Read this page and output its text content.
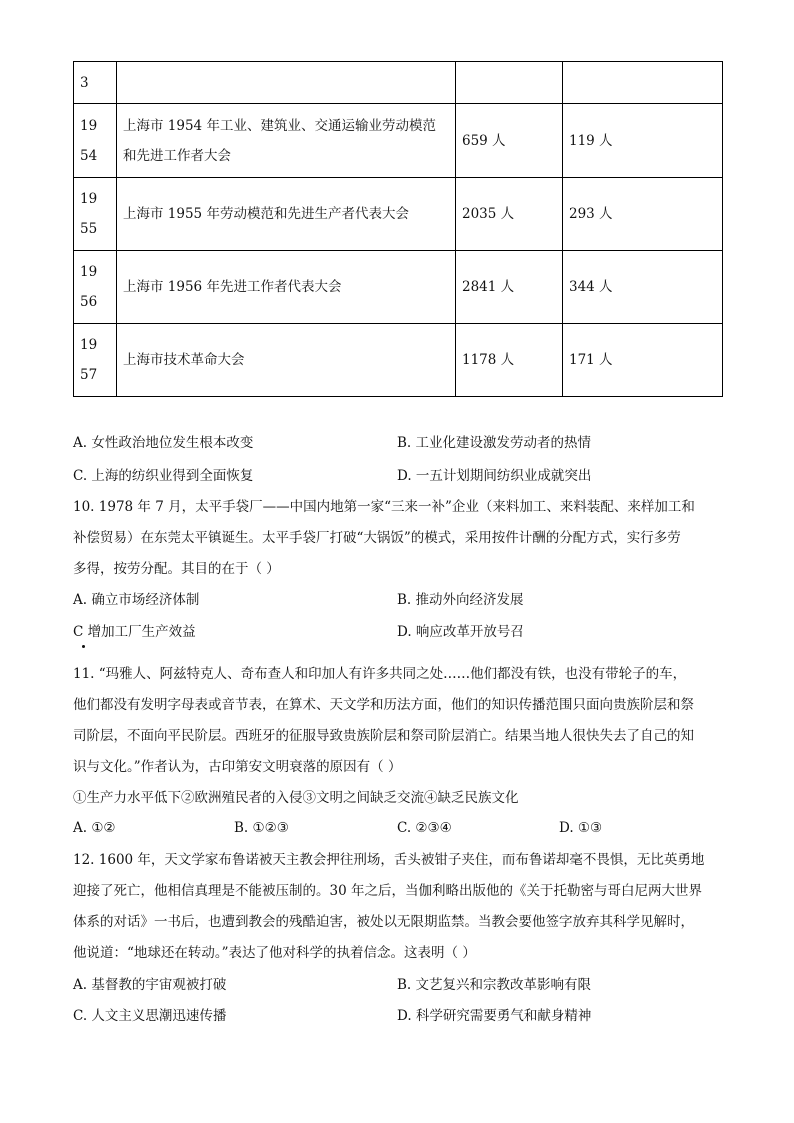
3			

1954	上海市 1954 年工业、建筑业、交通运输业劳动模范和先进工作者大会	659 人	119 人

1955	上海市 1955 年劳动模范和先进生产者代表大会	2035 人	293 人

1956	上海市 1956 年先进工作者代表大会	2841 人	344 人

1957	上海市技术革命大会	1178 人	171 人
A. 女性政治地位发生根本改变	B. 工业化建设激发劳动者的热情
C. 上海的纺织业得到全面恢复	D. 一五计划期间纺织业成就突出
10. 1978 年 7 月，太平手袋厂——中国内地第一家“三来一补”企业（来料加工、来料装配、来样加工和
补偿贸易）在东莞太平镇诞生。太平手袋厂打破“大锅饭”的模式，采用按件计酬的分配方式，实行多劳
多得，按劳分配。其目的在于（ ）
A. 确立市场经济体制	B. 推动外向经济发展
C 增加工厂生产效益	D. 响应改革开放号召
11. “玛雅人、阿兹特克人、奇布查人和印加人有许多共同之处……他们都没有铁，也没有带轮子的车，
他们都没有发明字母表或音节表，在算术、天文学和历法方面，他们的知识传播范围只面向贵族阶层和祭
司阶层，不面向平民阶层。西班牙的征服导致贵族阶层和祭司阶层消亡。结果当地人很快失去了自己的知
识与文化。”作者认为，古印第安文明衰落的原因有（ ）
①生产力水平低下②欧洲殖民者的入侵③文明之间缺乏交流④缺乏民族文化
A. ①②	B. ①②③	C. ②③④	D. ①③
12. 1600 年，天文学家布鲁诺被天主教会押往刑场，舌头被钳子夹住，而布鲁诺却毫不畏惧，无比英勇地
迎接了死亡，他相信真理是不能被压制的。30 年之后，当伽利略出版他的《关于托勒密与哥白尼两大世界
体系的对话》一书后，也遭到教会的残酷迫害，被处以无限期监禁。当教会要他签字放弃其科学见解时，
他说道：“地球还在转动。”表达了他对科学的执着信念。这表明（ ）
A. 基督教的宇宙观被打破	B. 文艺复兴和宗教改革影响有限
C. 人文主义思潮迅速传播	D. 科学研究需要勇气和献身精神
